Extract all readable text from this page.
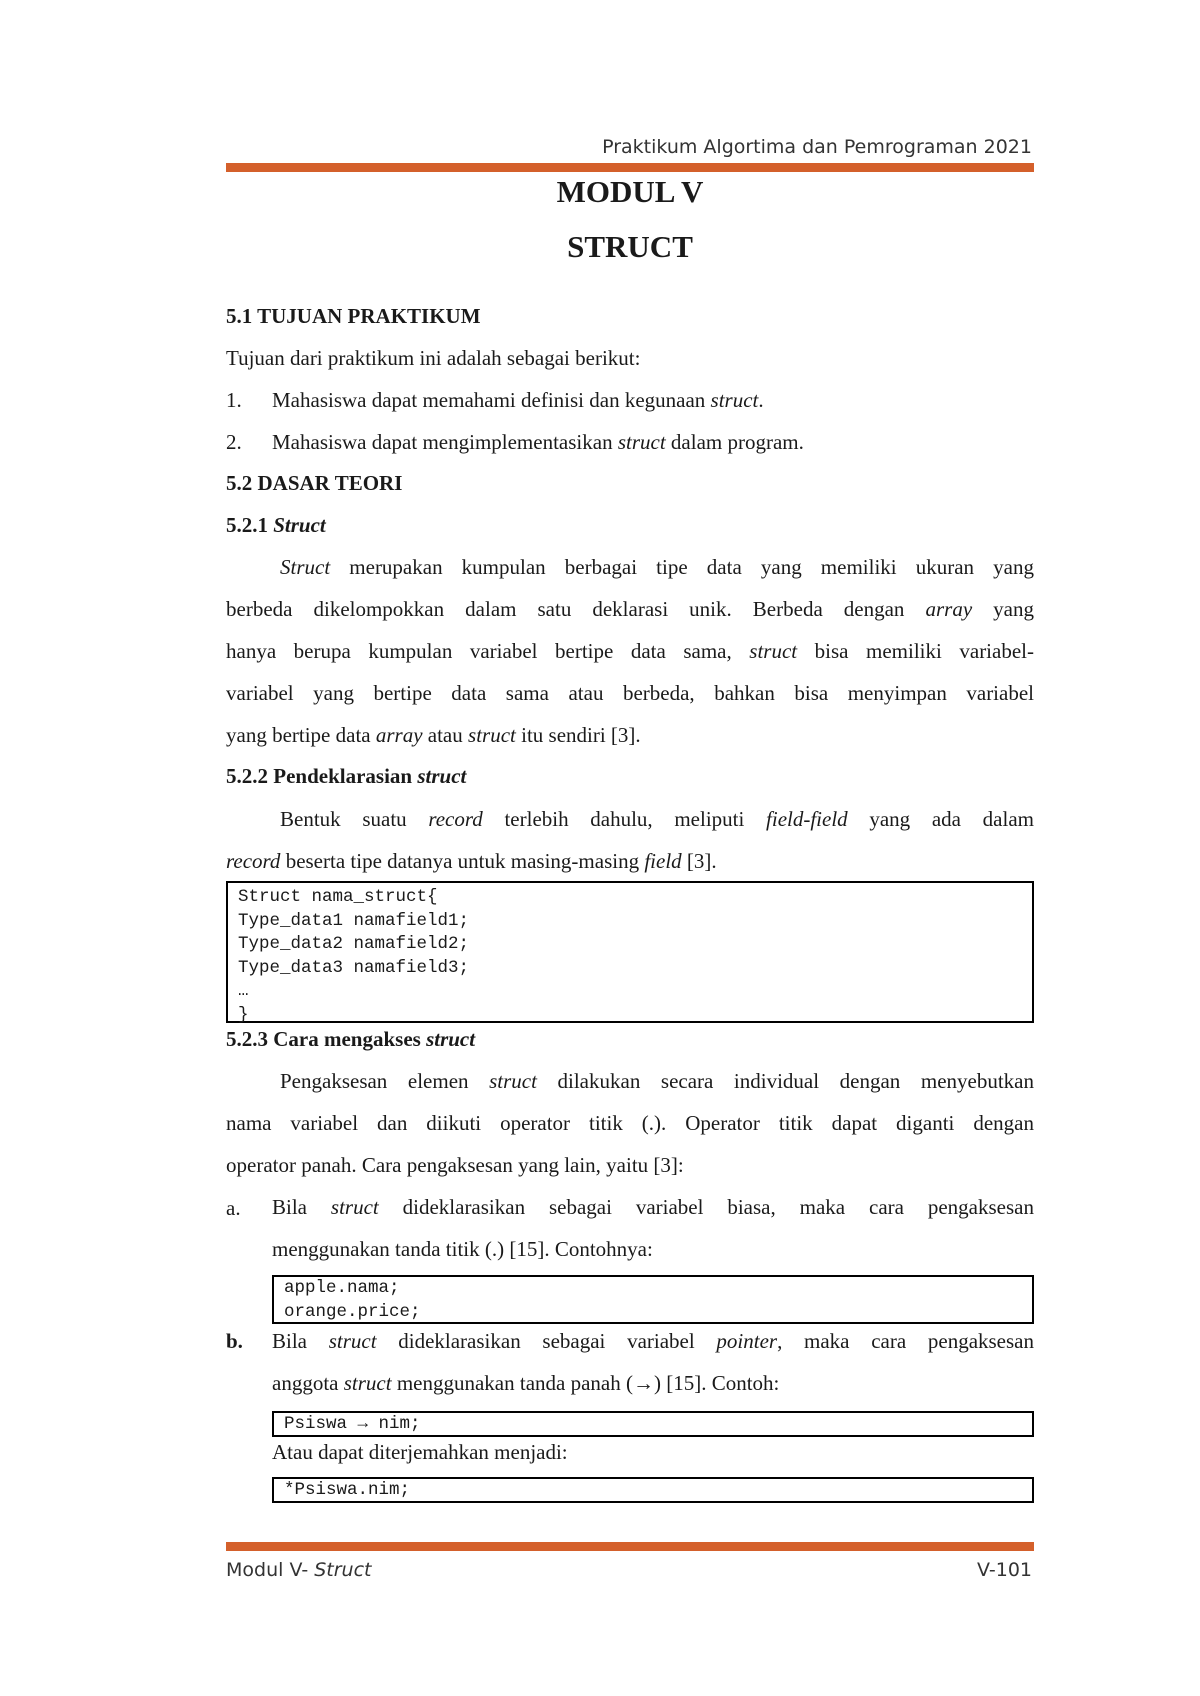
Praktikum Algortima dan Pemrograman 2021
MODUL V
STRUCT
5.1 TUJUAN PRAKTIKUM
Tujuan dari praktikum ini adalah sebagai berikut:
1. Mahasiswa dapat memahami definisi dan kegunaan struct.
2. Mahasiswa dapat mengimplementasikan struct dalam program.
5.2 DASAR TEORI
5.2.1 Struct
Struct merupakan kumpulan berbagai tipe data yang memiliki ukuran yang
berbeda dikelompokkan dalam satu deklarasi unik. Berbeda dengan array yang
hanya berupa kumpulan variabel bertipe data sama, struct bisa memiliki variabel-
variabel yang bertipe data sama atau berbeda, bahkan bisa menyimpan variabel
yang bertipe data array atau struct itu sendiri [3].
5.2.2 Pendeklarasian struct
Bentuk suatu record terlebih dahulu, meliputi field-field yang ada dalam
record beserta tipe datanya untuk masing-masing field [3].
Struct nama_struct{
Type_data1 namafield1;
Type_data2 namafield2;
Type_data3 namafield3;
…
}
5.2.3 Cara mengakses struct
Pengaksesan elemen struct dilakukan secara individual dengan menyebutkan
nama variabel dan diikuti operator titik (.). Operator titik dapat diganti dengan
operator panah. Cara pengaksesan yang lain, yaitu [3]:
a. Bila struct dideklarasikan sebagai variabel biasa, maka cara pengaksesan
menggunakan tanda titik (.) [15]. Contohnya:
apple.nama;
orange.price;
b. Bila struct dideklarasikan sebagai variabel pointer, maka cara pengaksesan
anggota struct menggunakan tanda panah (→) [15]. Contoh:
Psiswa → nim;
Atau dapat diterjemahkan menjadi:
*Psiswa.nim;
Modul V- Struct	V-101
